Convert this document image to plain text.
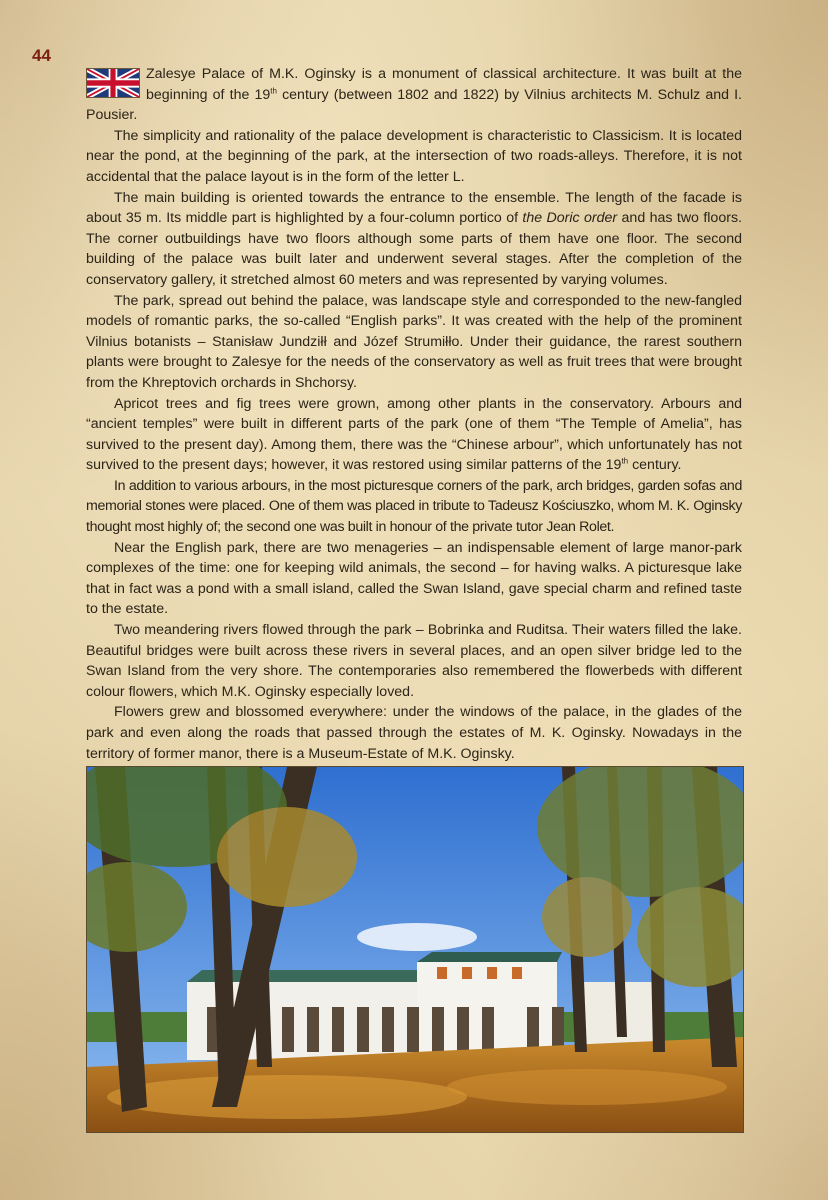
44

Zalesye Palace of M.K. Oginsky is a monument of classical architecture. It was built at the beginning of the 19th century (between 1802 and 1822) by Vilnius architects M. Schulz and I. Pousier.

The simplicity and rationality of the palace development is characteristic to Classicism. It is located near the pond, at the beginning of the park, at the intersection of two roads-alleys. Therefore, it is not accidental that the palace layout is in the form of the letter L.

The main building is oriented towards the entrance to the ensemble. The length of the facade is about 35 m. Its middle part is highlighted by a four-column portico of the Doric order and has two floors. The corner outbuildings have two floors although some parts of them have one floor. The second building of the palace was built later and underwent several stages. After the completion of the conservatory gallery, it stretched almost 60 meters and was represented by varying volumes.

The park, spread out behind the palace, was landscape style and corresponded to the new-fangled models of romantic parks, the so-called “English parks”. It was created with the help of the prominent Vilnius botanists – Stanisław Jundziłł and Józef Strumiłło. Under their guidance, the rarest southern plants were brought to Zalesye for the needs of the conservatory as well as fruit trees that were brought from the Khreptovich orchards in Shchorsy.

Apricot trees and fig trees were grown, among other plants in the conservatory. Arbours and “ancient temples” were built in different parts of the park (one of them “The Temple of Amelia”, has survived to the present day). Among them, there was the “Chinese arbour”, which unfortunately has not survived to the present days; however, it was restored using similar patterns of the 19th century.

In addition to various arbours, in the most picturesque corners of the park, arch bridges, garden sofas and memorial stones were placed. One of them was placed in tribute to Tadeusz Kościuszko, whom M. K. Oginsky thought most highly of; the second one was built in honour of the private tutor Jean Rolet.

Near the English park, there are two menageries – an indispensable element of large manor-park complexes of the time: one for keeping wild animals, the second – for having walks. A picturesque lake that in fact was a pond with a small island, called the Swan Island, gave special charm and refined taste to the estate.

Two meandering rivers flowed through the park – Bobrinka and Ruditsa. Their waters filled the lake. Beautiful bridges were built across these rivers in several places, and an open silver bridge led to the Swan Island from the very shore. The contemporaries also remembered the flowerbeds with different colour flowers, which M.K. Oginsky especially loved.

Flowers grew and blossomed everywhere: under the windows of the palace, in the glades of the park and even along the roads that passed through the estates of M. K. Oginsky. Nowadays in the territory of former manor, there is a Museum-Estate of M.K. Oginsky.
